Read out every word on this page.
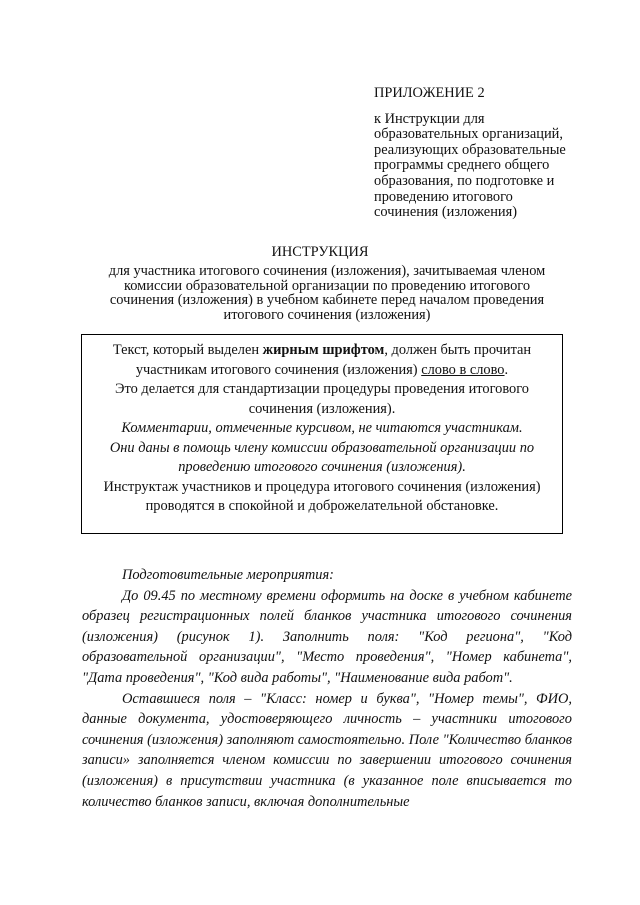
ПРИЛОЖЕНИЕ 2
к Инструкции для
образовательных организаций,
реализующих образовательные
программы среднего общего
образования, по подготовке и
проведению итогового
сочинения (изложения)
ИНСТРУКЦИЯ
для участника итогового сочинения (изложения), зачитываемая членом
комиссии образовательной организации по проведению итогового
сочинения (изложения) в учебном кабинете перед началом проведения
итогового сочинения (изложения)
Текст, который выделен жирным шрифтом, должен быть прочитан
участникам итогового сочинения (изложения) слово в слово.
Это делается для стандартизации процедуры проведения итогового
сочинения (изложения).
Комментарии, отмеченные курсивом, не читаются участникам.
Они даны в помощь члену комиссии образовательной организации по
проведению итогового сочинения (изложения).
Инструктаж участников и процедура итогового сочинения (изложения)
проводятся в спокойной и доброжелательной обстановке.

Подготовительные мероприятия:

До 09.45 по местному времени оформить на доске в учебном кабинете образец регистрационных полей бланков участника итогового сочинения (изложения) (рисунок 1). Заполнить поля: "Код региона", "Код образовательной организации", "Место проведения", "Номер кабинета", "Дата проведения", "Код вида работы", "Наименование вида работ".

Оставшиеся поля – "Класс: номер и буква", "Номер темы", ФИО, данные документа, удостоверяющего личность – участники итогового сочинения (изложения) заполняют самостоятельно. Поле "Количество бланков записи» заполняется членом комиссии по завершении итогового сочинения (изложения) в присутствии участника (в указанное поле вписывается то количество бланков записи, включая дополнительные
